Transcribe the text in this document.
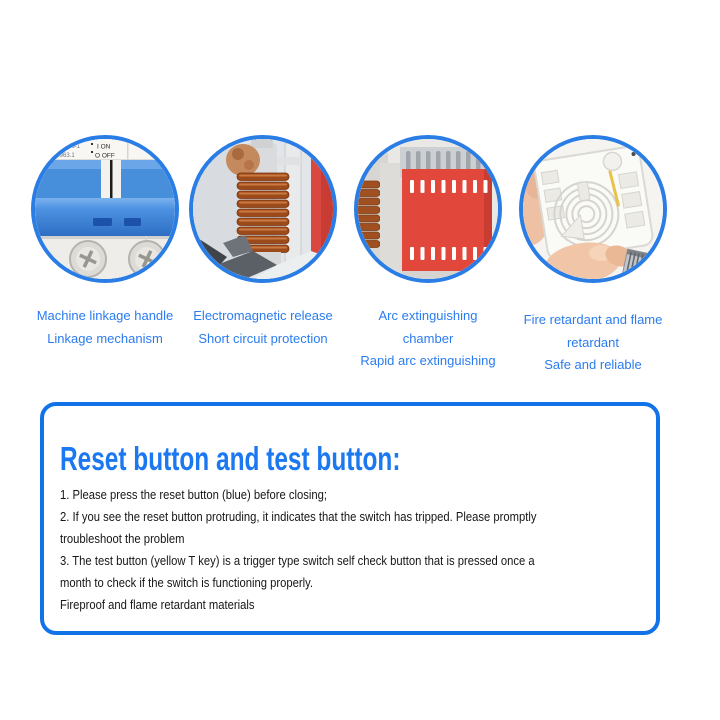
06-1
10963.1
I ON
O OFF
Machine linkage handle
Linkage mechanism
Electromagnetic release
Short circuit protection
Arc extinguishing
chamber
Rapid arc extinguishing
Fire retardant and flame
retardant
Safe and reliable
Reset button and test button:
1. Please press the reset button (blue) before closing;
2. If you see the reset button protruding, it indicates that the switch has tripped. Please promptly
troubleshoot the problem
3. The test button (yellow T key) is a trigger type switch self check button that is pressed once a
month to check if the switch is functioning properly.
Fireproof and flame retardant materials
